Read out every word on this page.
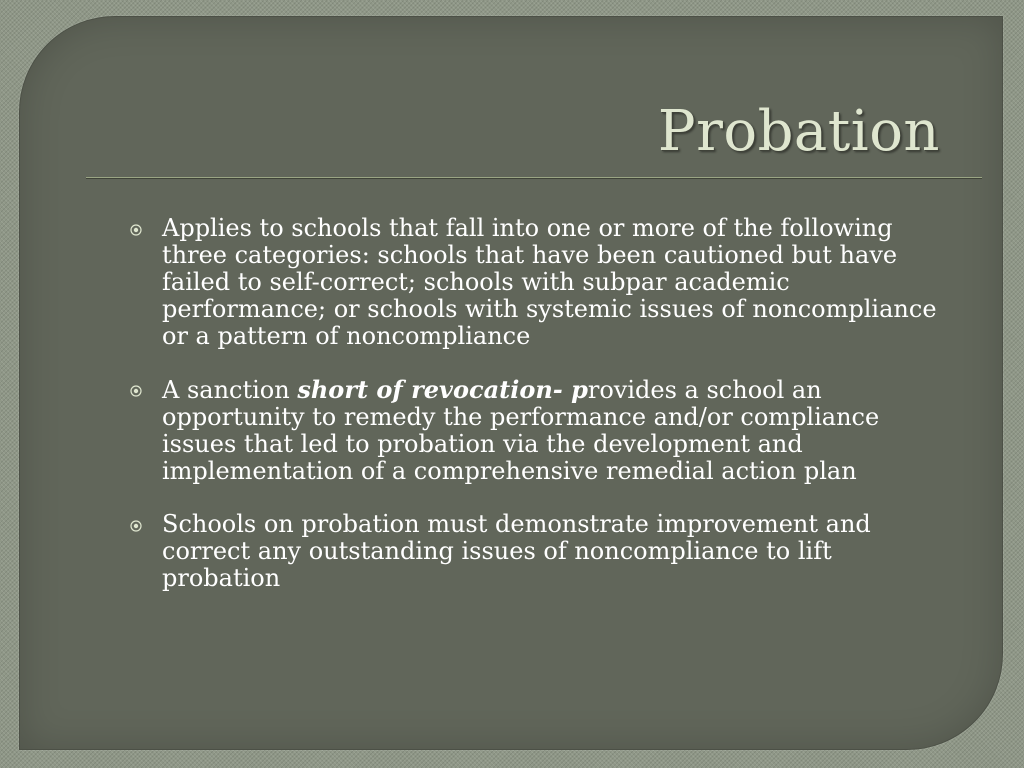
Probation
Applies to schools that fall into one or more of the following three categories: schools that have been cautioned but have failed to self-correct; schools with subpar academic performance; or schools with systemic issues of noncompliance or a pattern of noncompliance
A sanction short of revocation- provides a school an opportunity to remedy the performance and/or compliance issues that led to probation via the development and implementation of a comprehensive remedial action plan
Schools on probation must demonstrate improvement and correct any outstanding issues of noncompliance to lift probation
